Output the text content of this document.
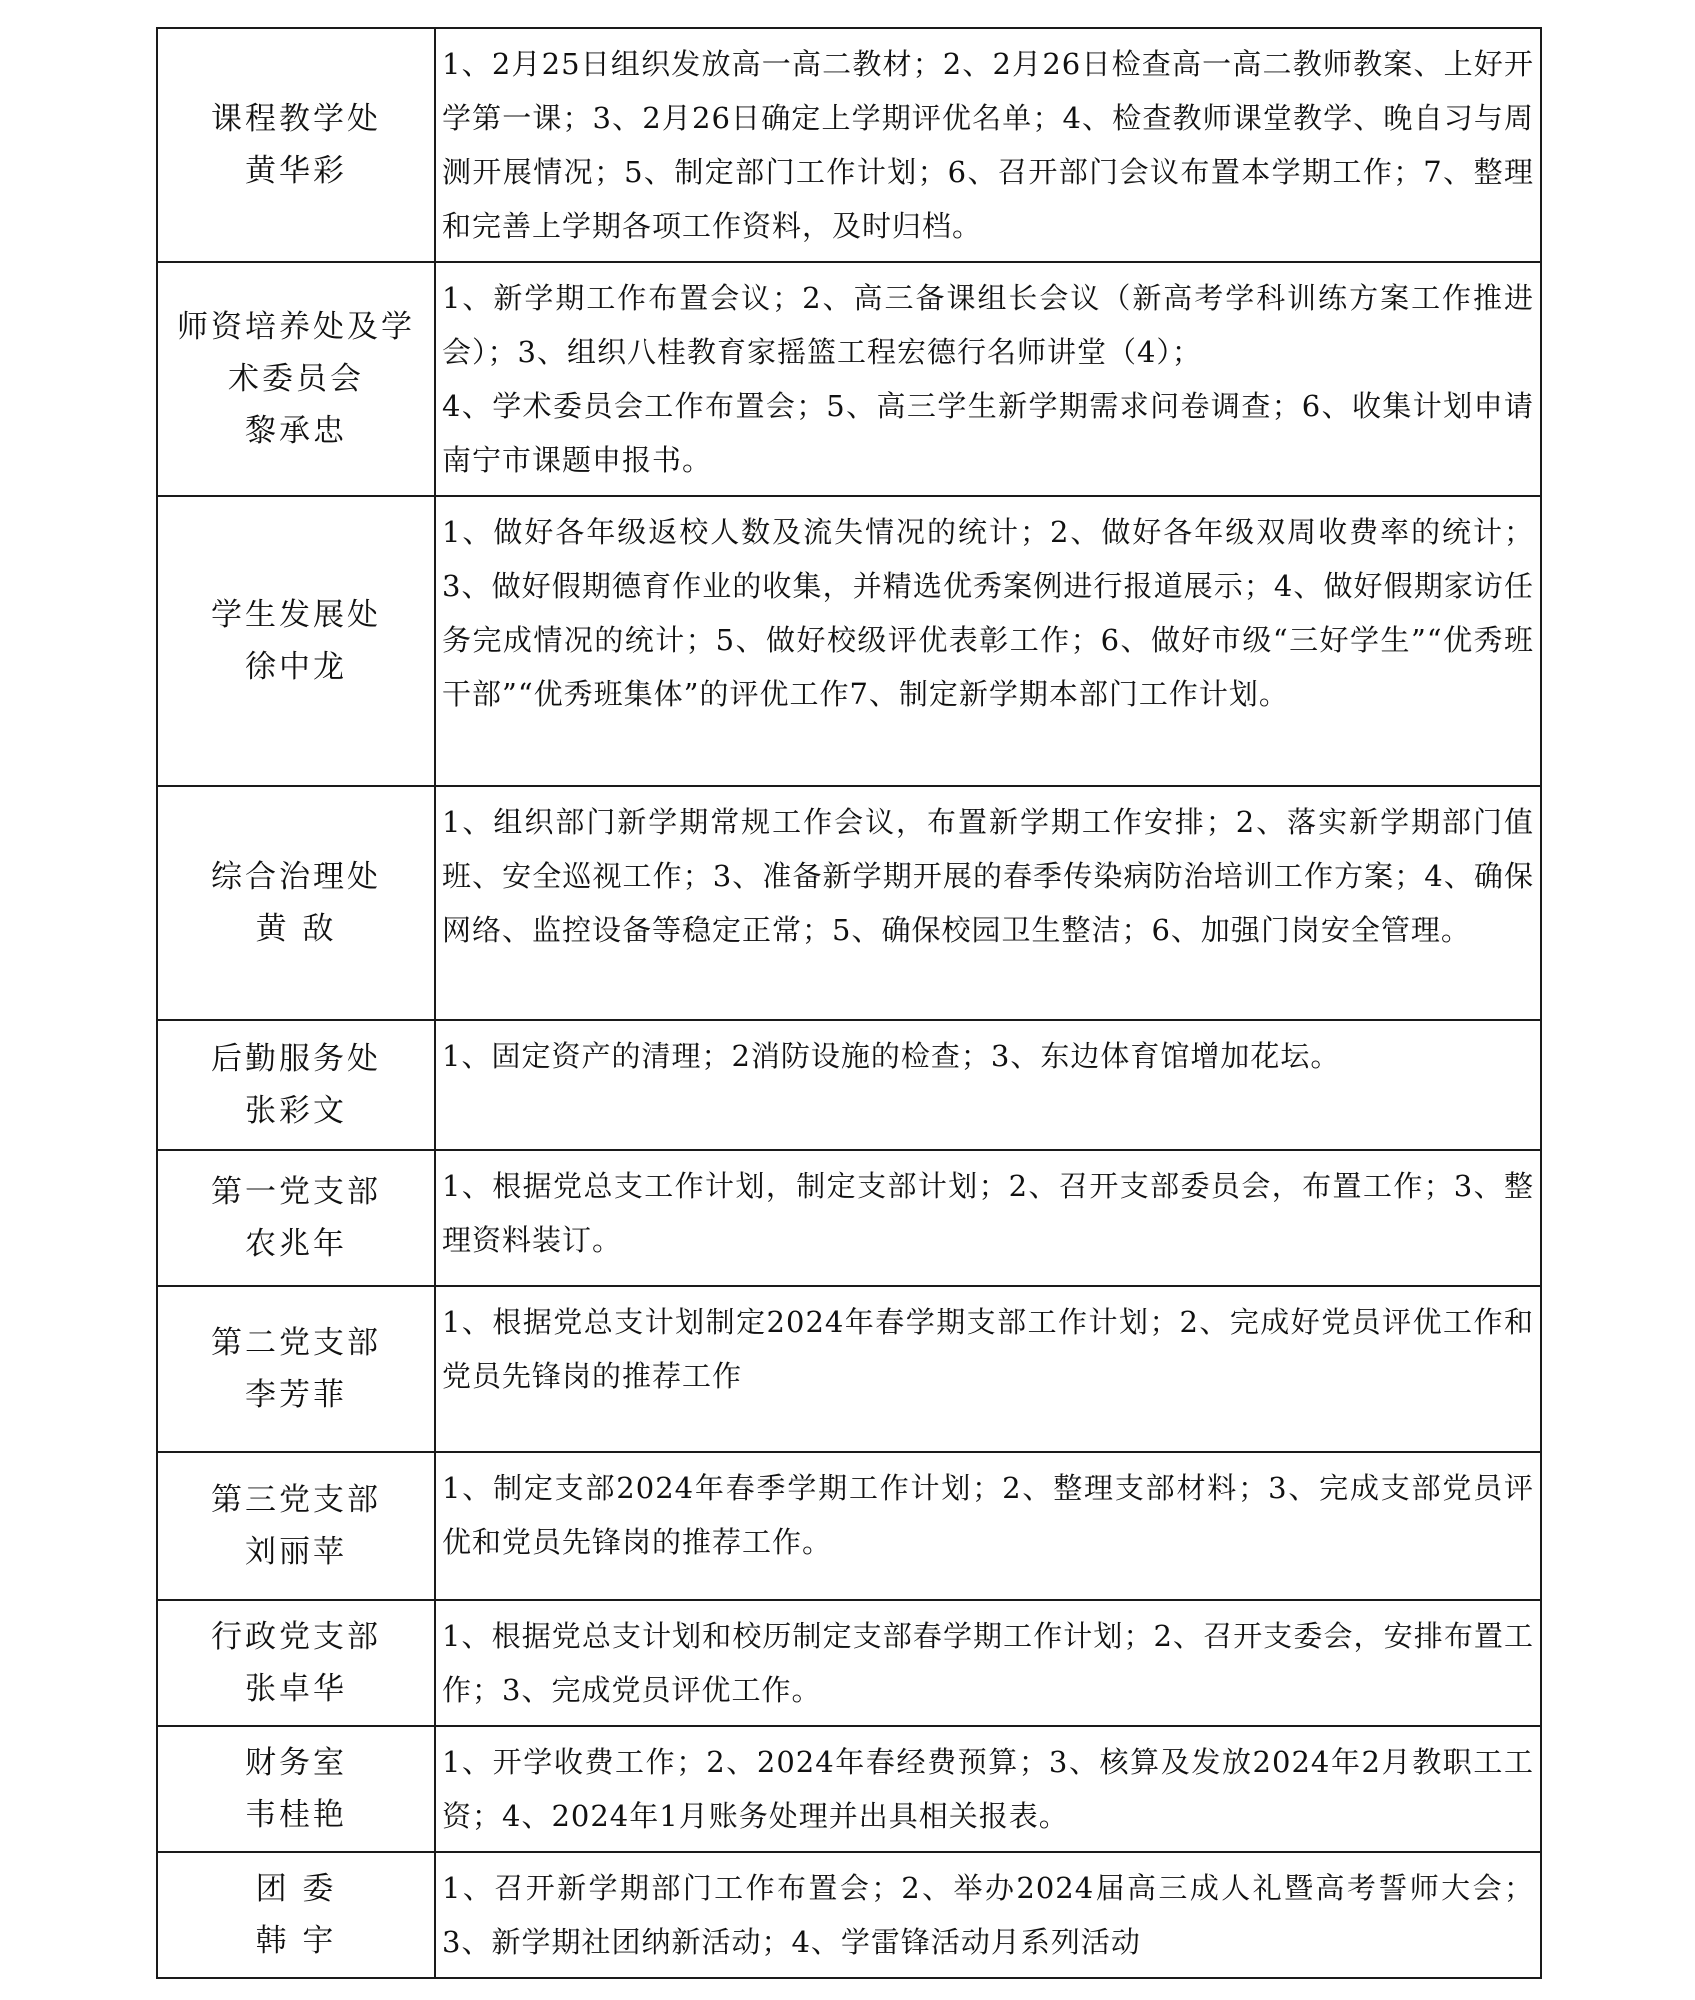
课程教学处
黄华彩	1、2月25日组织发放高一高二教材；2、2月26日检查高一高二教师教案、上好开学第一课；3、2月26日确定上学期评优名单；4、检查教师课堂教学、晚自习与周测开展情况；5、制定部门工作计划；6、召开部门会议布置本学期工作；7、整理和完善上学期各项工作资料，及时归档。

师资培养处及学
术委员会
黎承忠	1、新学期工作布置会议；2、高三备课组长会议（新高考学科训练方案工作推进会）；3、组织八桂教育家摇篮工程宏德行名师讲堂（4）；
4、学术委员会工作布置会；5、高三学生新学期需求问卷调查；6、收集计划申请南宁市课题申报书。

学生发展处
徐中龙	1、做好各年级返校人数及流失情况的统计；2、做好各年级双周收费率的统计；3、做好假期德育作业的收集，并精选优秀案例进行报道展示；4、做好假期家访任务完成情况的统计；5、做好校级评优表彰工作；6、做好市级“三好学生”“优秀班干部”“优秀班集体”的评优工作7、制定新学期本部门工作计划。

综合治理处
黄 敌	1、组织部门新学期常规工作会议，布置新学期工作安排；2、落实新学期部门值班、安全巡视工作；3、准备新学期开展的春季传染病防治培训工作方案；4、确保网络、监控设备等稳定正常；5、确保校园卫生整洁；6、加强门岗安全管理。

后勤服务处
张彩文	1、固定资产的清理；2消防设施的检查；3、东边体育馆增加花坛。

第一党支部
农兆年	1、根据党总支工作计划，制定支部计划；2、召开支部委员会，布置工作；3、整理资料装订。

第二党支部
李芳菲	1、根据党总支计划制定2024年春学期支部工作计划；2、完成好党员评优工作和党员先锋岗的推荐工作

第三党支部
刘丽苹	1、制定支部2024年春季学期工作计划；2、整理支部材料；3、完成支部党员评优和党员先锋岗的推荐工作。

行政党支部
张卓华	1、根据党总支计划和校历制定支部春学期工作计划；2、召开支委会，安排布置工作；3、完成党员评优工作。

财务室
韦桂艳	1、开学收费工作；2、2024年春经费预算；3、核算及发放2024年2月教职工工资；4、2024年1月账务处理并出具相关报表。

团 委
韩 宇	1、召开新学期部门工作布置会；2、举办2024届高三成人礼暨高考誓师大会；3、新学期社团纳新活动；4、学雷锋活动月系列活动
